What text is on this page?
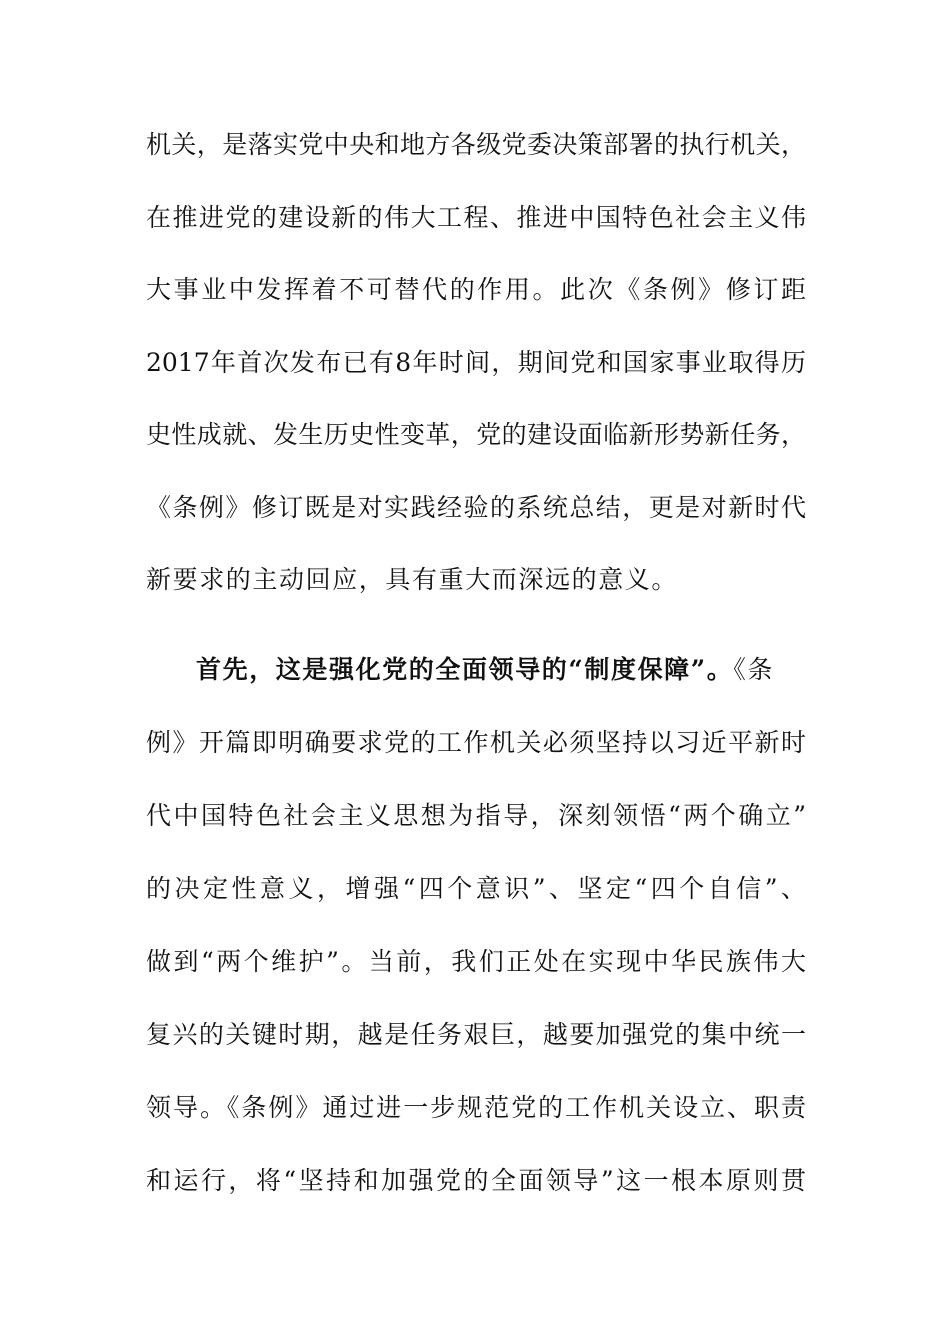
机关，是落实党中央和地方各级党委决策部署的执行机关，
在推进党的建设新的伟大工程、推进中国特色社会主义伟
大事业中发挥着不可替代的作用。此次《条例》修订距
2017年首次发布已有8年时间，期间党和国家事业取得历
史性成就、发生历史性变革，党的建设面临新形势新任务，
《条例》修订既是对实践经验的系统总结，更是对新时代
新要求的主动回应，具有重大而深远的意义。
首先，这是强化党的全面领导的“制度保障”。《条
例》开篇即明确要求党的工作机关必须坚持以习近平新时
代中国特色社会主义思想为指导，深刻领悟“两个确立”
的决定性意义，增强“四个意识”、坚定“四个自信”、
做到“两个维护”。当前，我们正处在实现中华民族伟大
复兴的关键时期，越是任务艰巨，越要加强党的集中统一
领导。《条例》通过进一步规范党的工作机关设立、职责
和运行，将“坚持和加强党的全面领导”这一根本原则贯
